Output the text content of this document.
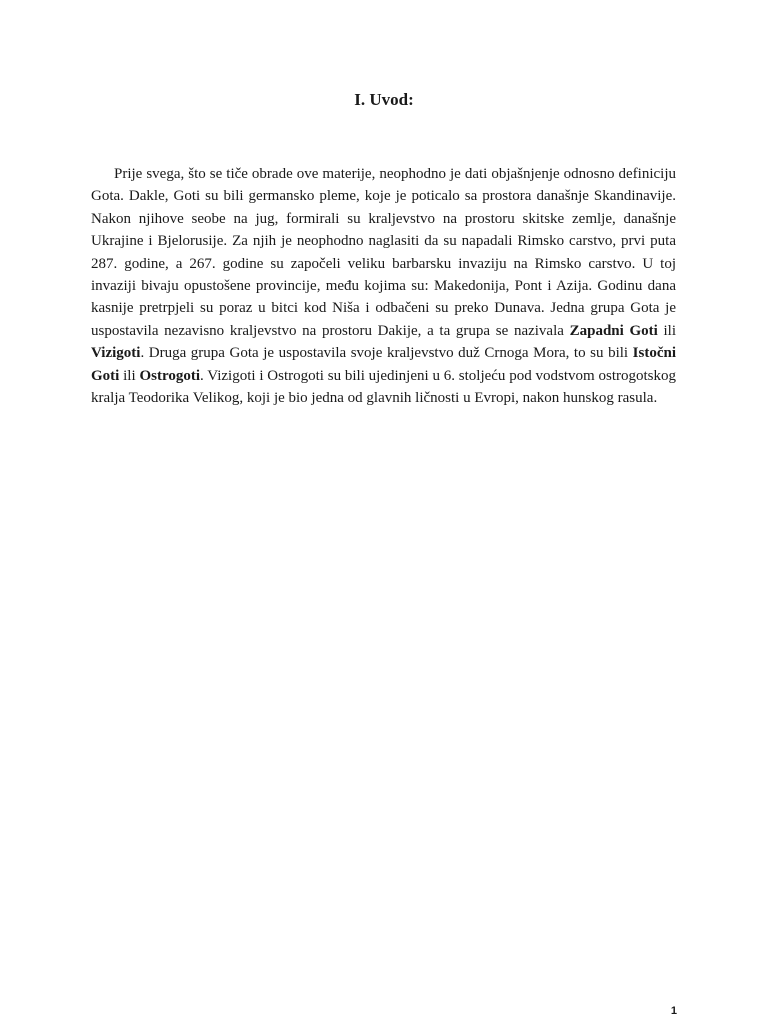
I. Uvod:

Prije svega, što se tiče obrade ove materije, neophodno je dati objašnjenje odnosno definiciju Gota. Dakle, Goti su bili germansko pleme, koje je poticalo sa prostora današnje Skandinavije. Nakon njihove seobe na jug, formirali su kraljevstvo na prostoru skitske zemlje, današnje Ukrajine i Bjelorusije. Za njih je neophodno naglasiti da su napadali Rimsko carstvo, prvi puta 287. godine, a 267. godine su započeli veliku barbarsku invaziju na Rimsko carstvo. U toj invaziji bivaju opustošene provincije, među kojima su: Makedonija, Pont i Azija. Godinu dana kasnije pretrpjeli su poraz u bitci kod Niša i odbačeni su preko Dunava. Jedna grupa Gota je uspostavila nezavisno kraljevstvo na prostoru Dakije, a ta grupa se nazivala Zapadni Goti ili Vizigoti. Druga grupa Gota je uspostavila svoje kraljevstvo duž Crnoga Mora, to su bili Istočni Goti ili Ostrogoti. Vizigoti i Ostrogoti su bili ujedinjeni u 6. stoljeću pod vodstvom ostrogotskog kralja Teodorika Velikog, koji je bio jedna od glavnih ličnosti u Evropi, nakon hunskog rasula.

1
